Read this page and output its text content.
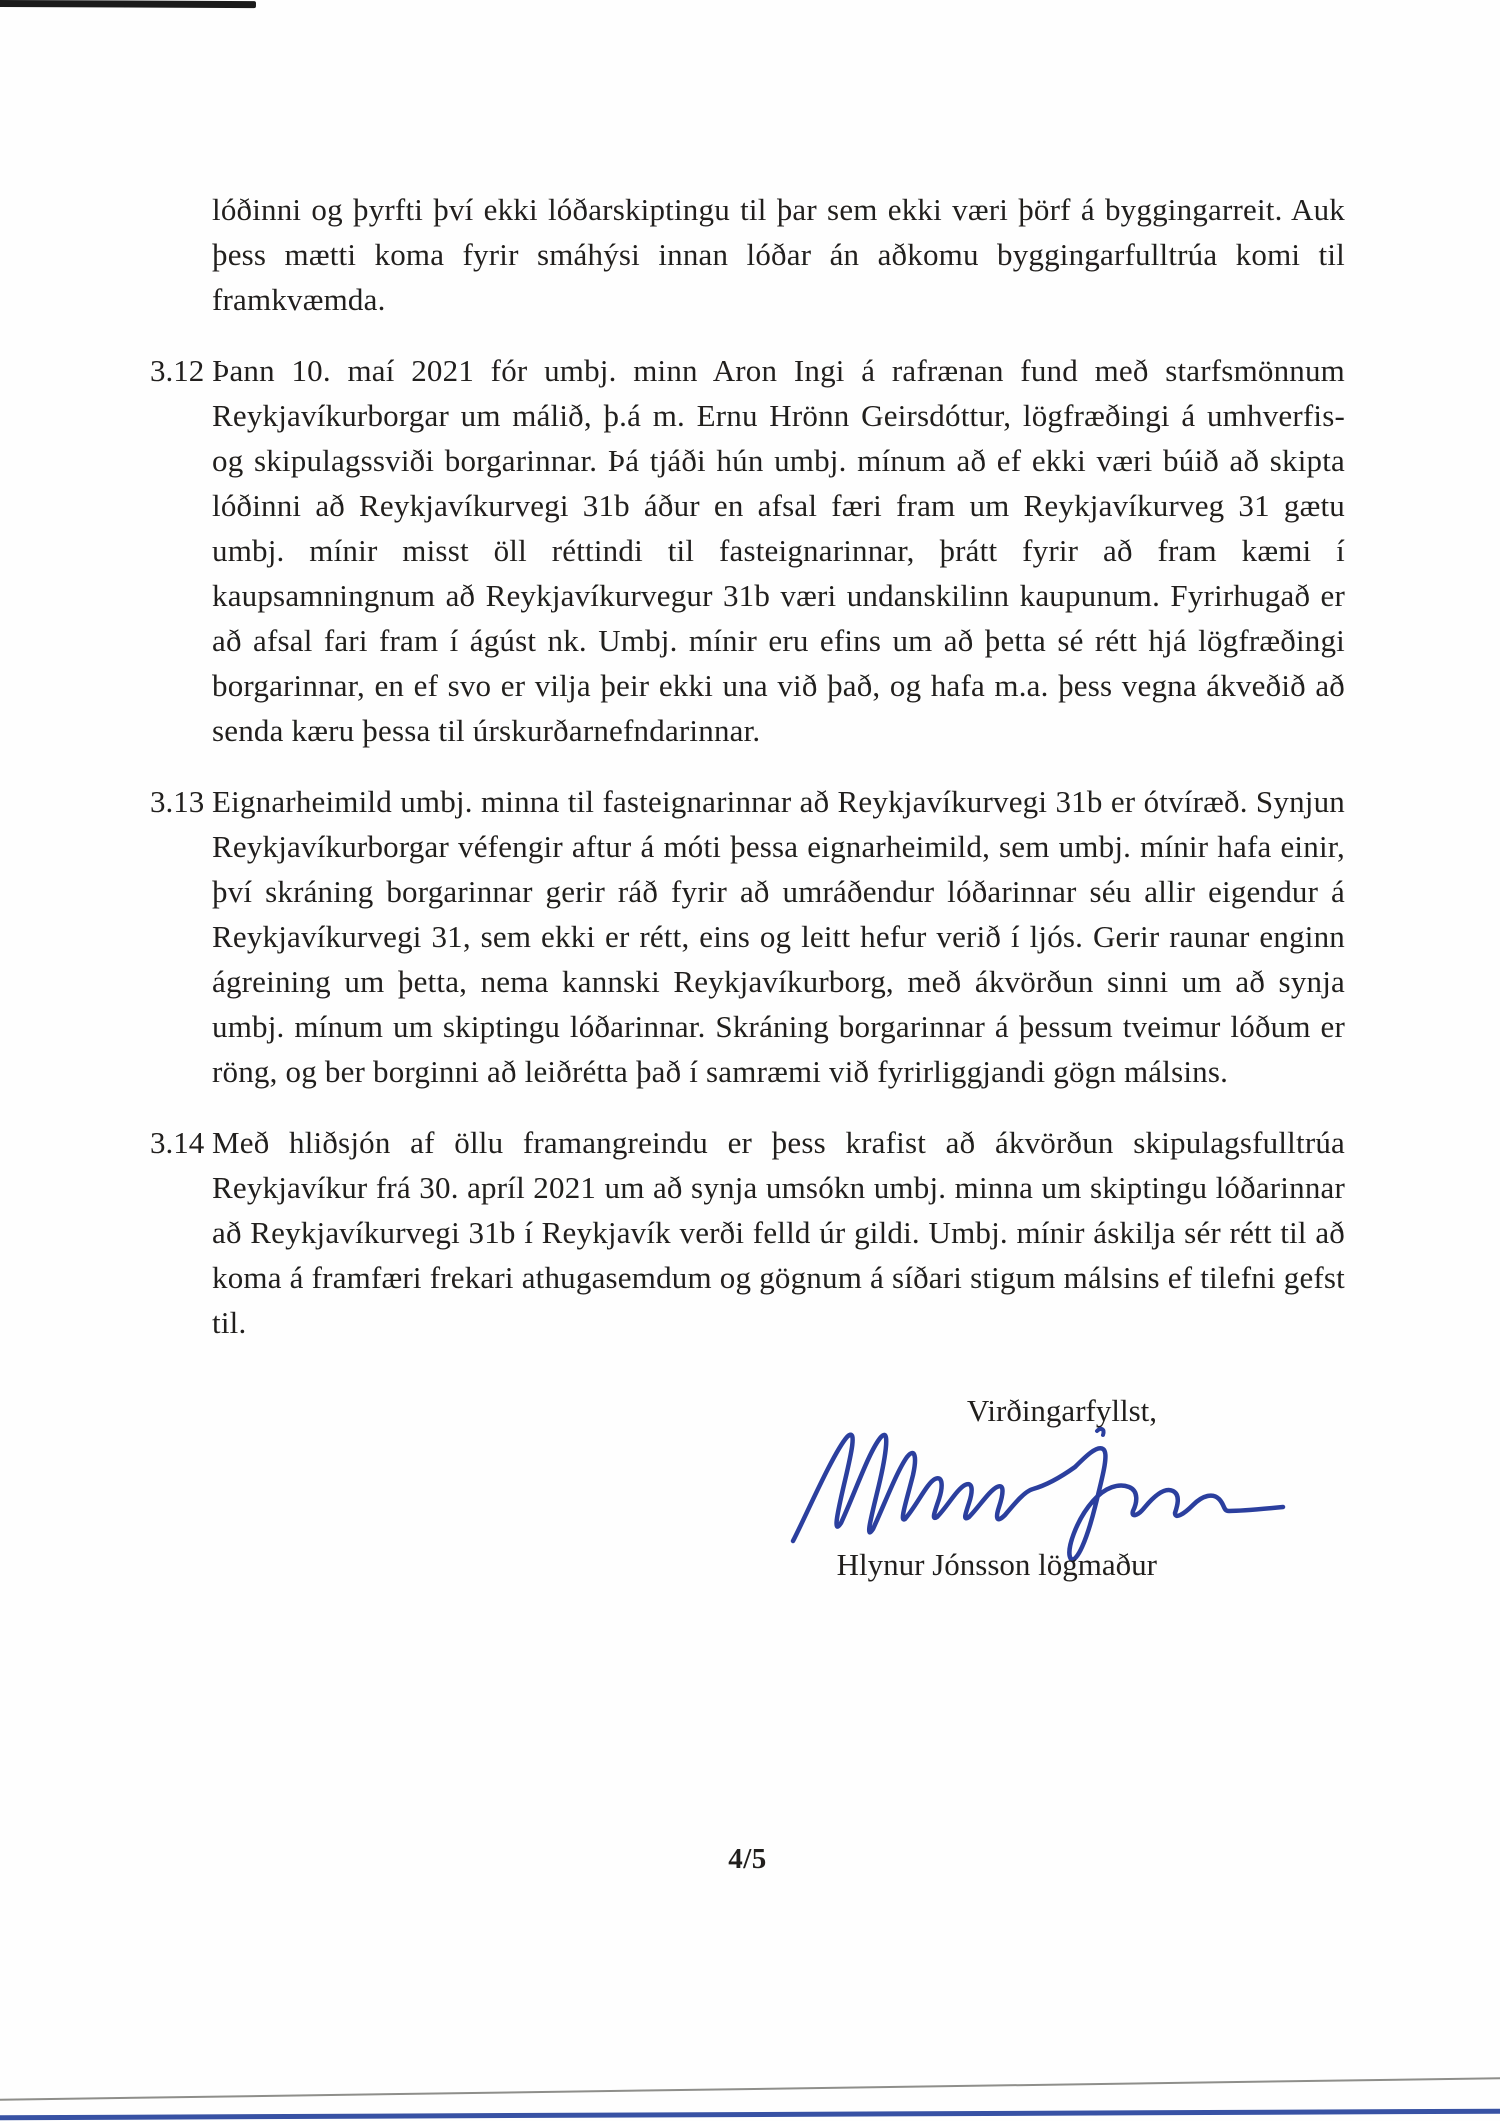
lóðinni og þyrfti því ekki lóðarskiptingu til þar sem ekki væri þörf á byggingarreit. Auk þess mætti koma fyrir smáhýsi innan lóðar án aðkomu byggingarfulltrúa komi til framkvæmda.

3.12 Þann 10. maí 2021 fór umbj. minn Aron Ingi á rafrænan fund með starfsmönnum Reykjavíkurborgar um málið, þ.á m. Ernu Hrönn Geirsdóttur, lögfræðingi á umhverfis- og skipulagssviði borgarinnar. Þá tjáði hún umbj. mínum að ef ekki væri búið að skipta lóðinni að Reykjavíkurvegi 31b áður en afsal færi fram um Reykjavíkurveg 31 gætu umbj. mínir misst öll réttindi til fasteignarinnar, þrátt fyrir að fram kæmi í kaupsamningnum að Reykjavíkurvegur 31b væri undanskilinn kaupunum. Fyrirhugað er að afsal fari fram í ágúst nk. Umbj. mínir eru efins um að þetta sé rétt hjá lögfræðingi borgarinnar, en ef svo er vilja þeir ekki una við það, og hafa m.a. þess vegna ákveðið að senda kæru þessa til úrskurðarnefndarinnar.

3.13 Eignarheimild umbj. minna til fasteignarinnar að Reykjavíkurvegi 31b er ótvíræð. Synjun Reykjavíkurborgar véfengir aftur á móti þessa eignarheimild, sem umbj. mínir hafa einir, því skráning borgarinnar gerir ráð fyrir að umráðendur lóðarinnar séu allir eigendur á Reykjavíkurvegi 31, sem ekki er rétt, eins og leitt hefur verið í ljós. Gerir raunar enginn ágreining um þetta, nema kannski Reykjavíkurborg, með ákvörðun sinni um að synja umbj. mínum um skiptingu lóðarinnar. Skráning borgarinnar á þessum tveimur lóðum er röng, og ber borginni að leiðrétta það í samræmi við fyrirliggjandi gögn málsins.

3.14 Með hliðsjón af öllu framangreindu er þess krafist að ákvörðun skipulagsfulltrúa Reykjavíkur frá 30. apríl 2021 um að synja umsókn umbj. minna um skiptingu lóðarinnar að Reykjavíkurvegi 31b í Reykjavík verði felld úr gildi. Umbj. mínir áskilja sér rétt til að koma á framfæri frekari athugasemdum og gögnum á síðari stigum málsins ef tilefni gefst til.

Virðingarfyllst,
Hlynur Jónsson lögmaður
4/5
